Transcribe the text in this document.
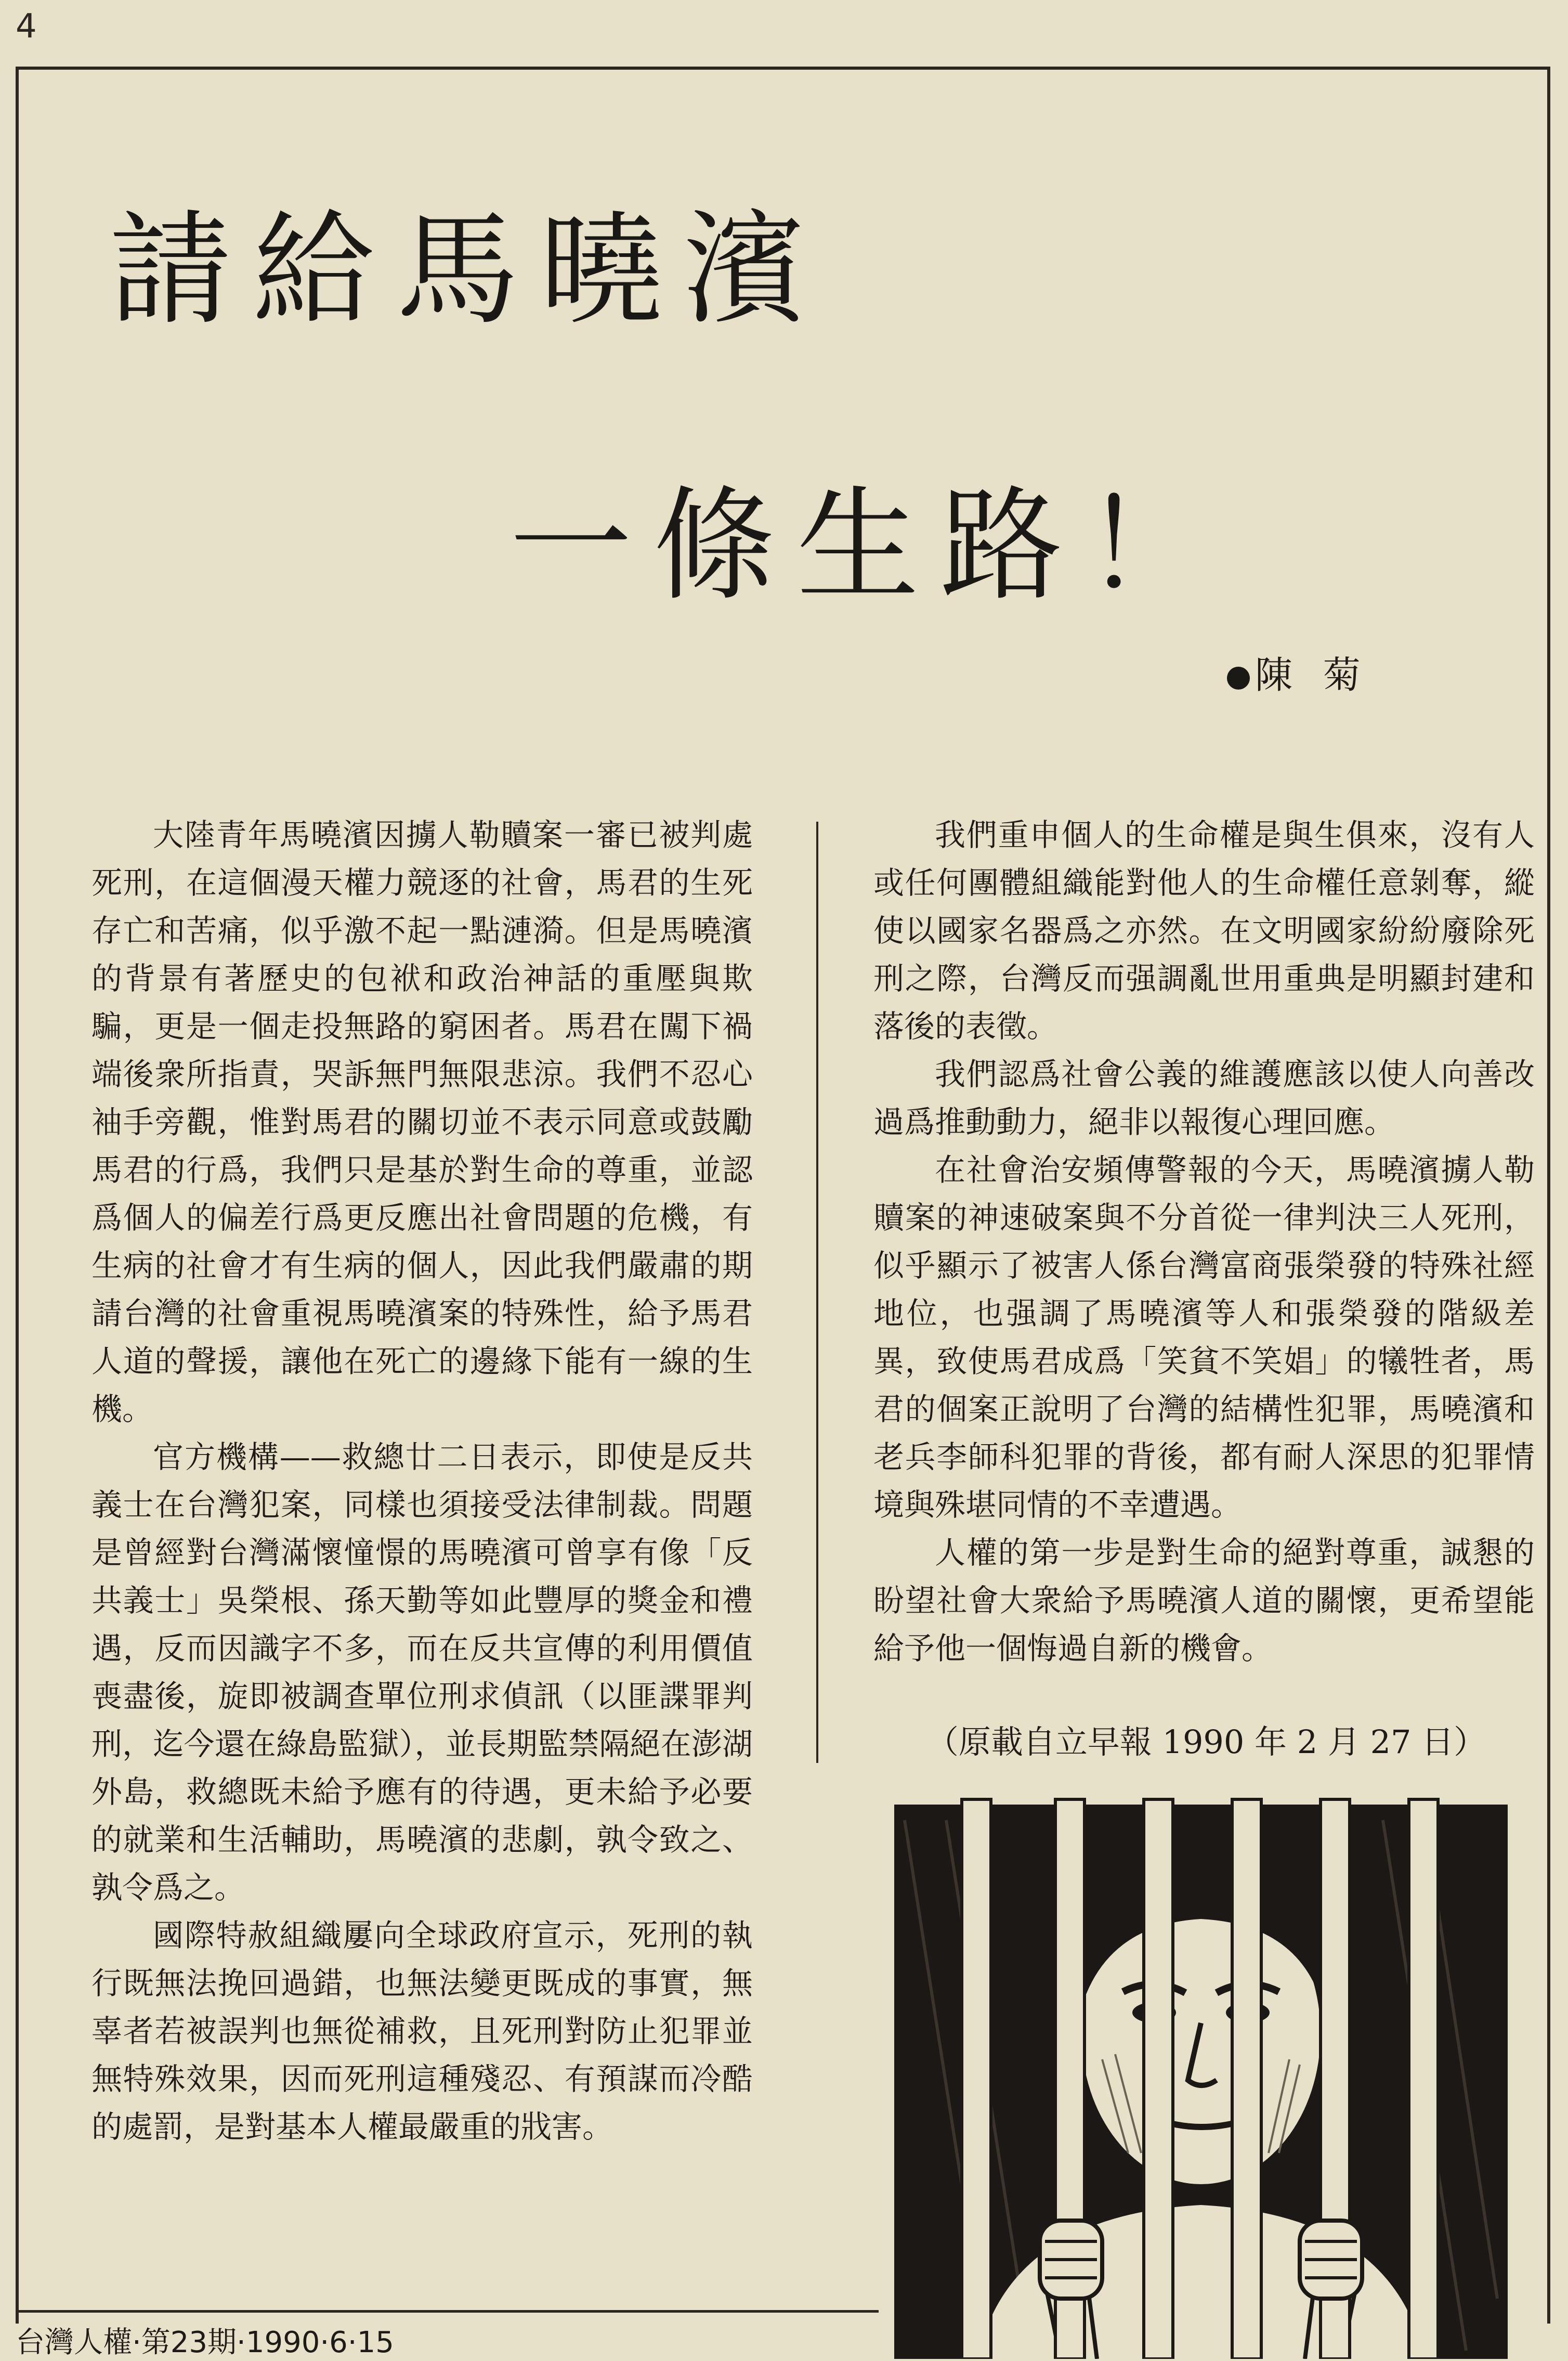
4
請給馬曉濱
一條生路！
陳 菊

大陸青年馬曉濱因擄人勒贖案一審已被判處死刑，在這個漫天權力競逐的社會，馬君的生死存亡和苦痛，似乎激不起一點漣漪。但是馬曉濱的背景有著歷史的包袱和政治神話的重壓與欺騙，更是一個走投無路的窮困者。馬君在闖下禍端後衆所指責，哭訴無門無限悲涼。我們不忍心袖手旁觀，惟對馬君的關切並不表示同意或鼓勵馬君的行爲，我們只是基於對生命的尊重，並認爲個人的偏差行爲更反應出社會問題的危機，有生病的社會才有生病的個人，因此我們嚴肅的期請台灣的社會重視馬曉濱案的特殊性，給予馬君人道的聲援，讓他在死亡的邊緣下能有一線的生機。

官方機構——救總廿二日表示，即使是反共義士在台灣犯案，同樣也須接受法律制裁。問題是曾經對台灣滿懷憧憬的馬曉濱可曾享有像「反共義士」吳榮根、孫天勤等如此豐厚的獎金和禮遇，反而因識字不多，而在反共宣傳的利用價值喪盡後，旋即被調查單位刑求偵訊（以匪諜罪判刑，迄今還在綠島監獄），並長期監禁隔絕在澎湖外島，救總既未給予應有的待遇，更未給予必要的就業和生活輔助，馬曉濱的悲劇，孰令致之、孰令爲之。

國際特赦組織屢向全球政府宣示，死刑的執行既無法挽回過錯，也無法變更既成的事實，無辜者若被誤判也無從補救，且死刑對防止犯罪並無特殊效果，因而死刑這種殘忍、有預謀而冷酷的處罰，是對基本人權最嚴重的戕害。

我們重申個人的生命權是與生俱來，沒有人或任何團體組織能對他人的生命權任意剝奪，縱使以國家名器爲之亦然。在文明國家紛紛廢除死刑之際，台灣反而强調亂世用重典是明顯封建和落後的表徵。

我們認爲社會公義的維護應該以使人向善改過爲推動動力，絕非以報復心理回應。

在社會治安頻傳警報的今天，馬曉濱擄人勒贖案的神速破案與不分首從一律判決三人死刑，似乎顯示了被害人係台灣富商張榮發的特殊社經地位，也强調了馬曉濱等人和張榮發的階級差異，致使馬君成爲「笑貧不笑娼」的犧牲者，馬君的個案正說明了台灣的結構性犯罪，馬曉濱和老兵李師科犯罪的背後，都有耐人深思的犯罪情境與殊堪同情的不幸遭遇。

人權的第一步是對生命的絕對尊重，誠懇的盼望社會大衆給予馬曉濱人道的關懷，更希望能給予他一個悔過自新的機會。

（原載自立早報 1990 年 2 月 27 日）
台灣人權·第23期·1990·6·15
